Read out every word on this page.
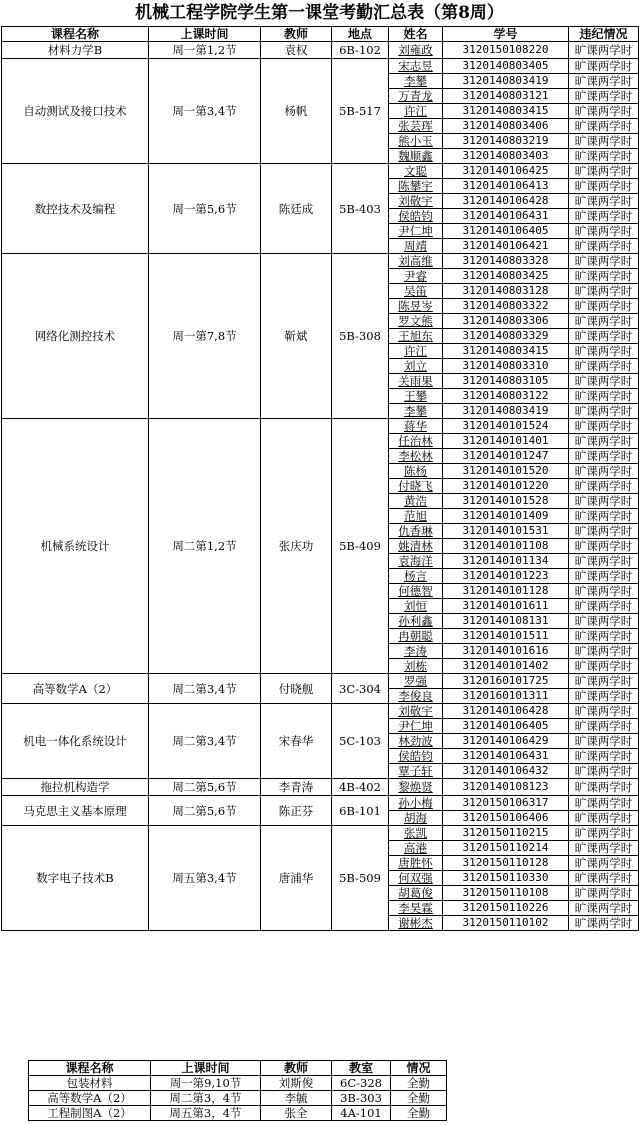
机械工程学院学生第一课堂考勤汇总表（第8周）
课程名称	上课时间	教师	地点	姓名	学号	违纪情况
材料力学B	周一第1,2节	袁权	6B-102	刘雍政	3120150108220	旷课两学时
自动测试及接口技术	周一第3,4节	杨帆	5B-517	宋志昱	3120140803405	旷课两学时
				李攀	3120140803419	旷课两学时
				万青龙	3120140803121	旷课两学时
				许江	3120140803415	旷课两学时
				张芸珲	3120140803406	旷课两学时
				熊小玉	3120140803219	旷课两学时
				魏顺鑫	3120140803403	旷课两学时
数控技术及编程	周一第5,6节	陈廷成	5B-403	文聪	3120140106425	旷课两学时
				陈攀宇	3120140106413	旷课两学时
				刘敬宇	3120140106428	旷课两学时
				侯皓钧	3120140106431	旷课两学时
				尹仁坤	3120140106405	旷课两学时
				周靖	3120140106421	旷课两学时
网络化测控技术	周一第7,8节	靳斌	5B-308	刘高维	3120140803328	旷课两学时
				尹睿	3120140803425	旷课两学时
				吴笛	3120140803128	旷课两学时
				陈昱岑	3120140803322	旷课两学时
				罗文熊	3120140803306	旷课两学时
				王旭东	3120140803329	旷课两学时
				许江	3120140803415	旷课两学时
				刘立	3120140803310	旷课两学时
				关雨果	3120140803105	旷课两学时
				王攀	3120140803122	旷课两学时
				李攀	3120140803419	旷课两学时
机械系统设计	周二第1,2节	张庆功	5B-409	蒋华	3120140101524	旷课两学时
				任治林	3120140101401	旷课两学时
				李松林	3120140101247	旷课两学时
				陈杨	3120140101520	旷课两学时
				付晓飞	3120140101220	旷课两学时
				黄浩	3120140101528	旷课两学时
				范旭	3120140101409	旷课两学时
				仇香琳	3120140101531	旷课两学时
				姚清林	3120140101108	旷课两学时
				袁海洋	3120140101134	旷课两学时
				杨言	3120140101223	旷课两学时
				何德智	3120140101128	旷课两学时
				刘恒	3120140101611	旷课两学时
				孙利鑫	3120140108131	旷课两学时
				冉朝聪	3120140101511	旷课两学时
				李涛	3120140101616	旷课两学时
				刘栋	3120140101402	旷课两学时
高等数学A（2）	周二第3,4节	付晓舰	3C-304	罗强	3120160101725	旷课两学时
				李俊良	3120160101311	旷课两学时
机电一体化系统设计	周二第3,4节	宋春华	5C-103	刘敬宇	3120140106428	旷课两学时
				尹仁坤	3120140106405	旷课两学时
				林劲波	3120140106429	旷课两学时
				侯皓钧	3120140106431	旷课两学时
				覃子轩	3120140106432	旷课两学时
拖拉机构造学	周二第5,6节	李青涛	4B-402	黎焕贤	3120140108123	旷课两学时
马克思主义基本原理	周二第5,6节	陈正芬	6B-101	孙小梅	3120150106317	旷课两学时
				胡海	3120150106406	旷课两学时
数字电子技术B	周五第3,4节	唐浦华	5B-509	张凯	3120150110215	旷课两学时
				高港	3120150110214	旷课两学时
				唐胜怀	3120150110128	旷课两学时
				何双强	3120150110330	旷课两学时
				胡葛俊	3120150110108	旷课两学时
				李昊霖	3120150110226	旷课两学时
				谢彬杰	3120150110102	旷课两学时
课程名称	上课时间	教师	教室	情况
包装材料	周一第9,10节	刘斯俊	6C-328	全勤
高等数学A（2）	周二第3，4节	李毓	3B-303	全勤
工程制图A（2）	周五第3，4节	张全	4A-101	全勤
